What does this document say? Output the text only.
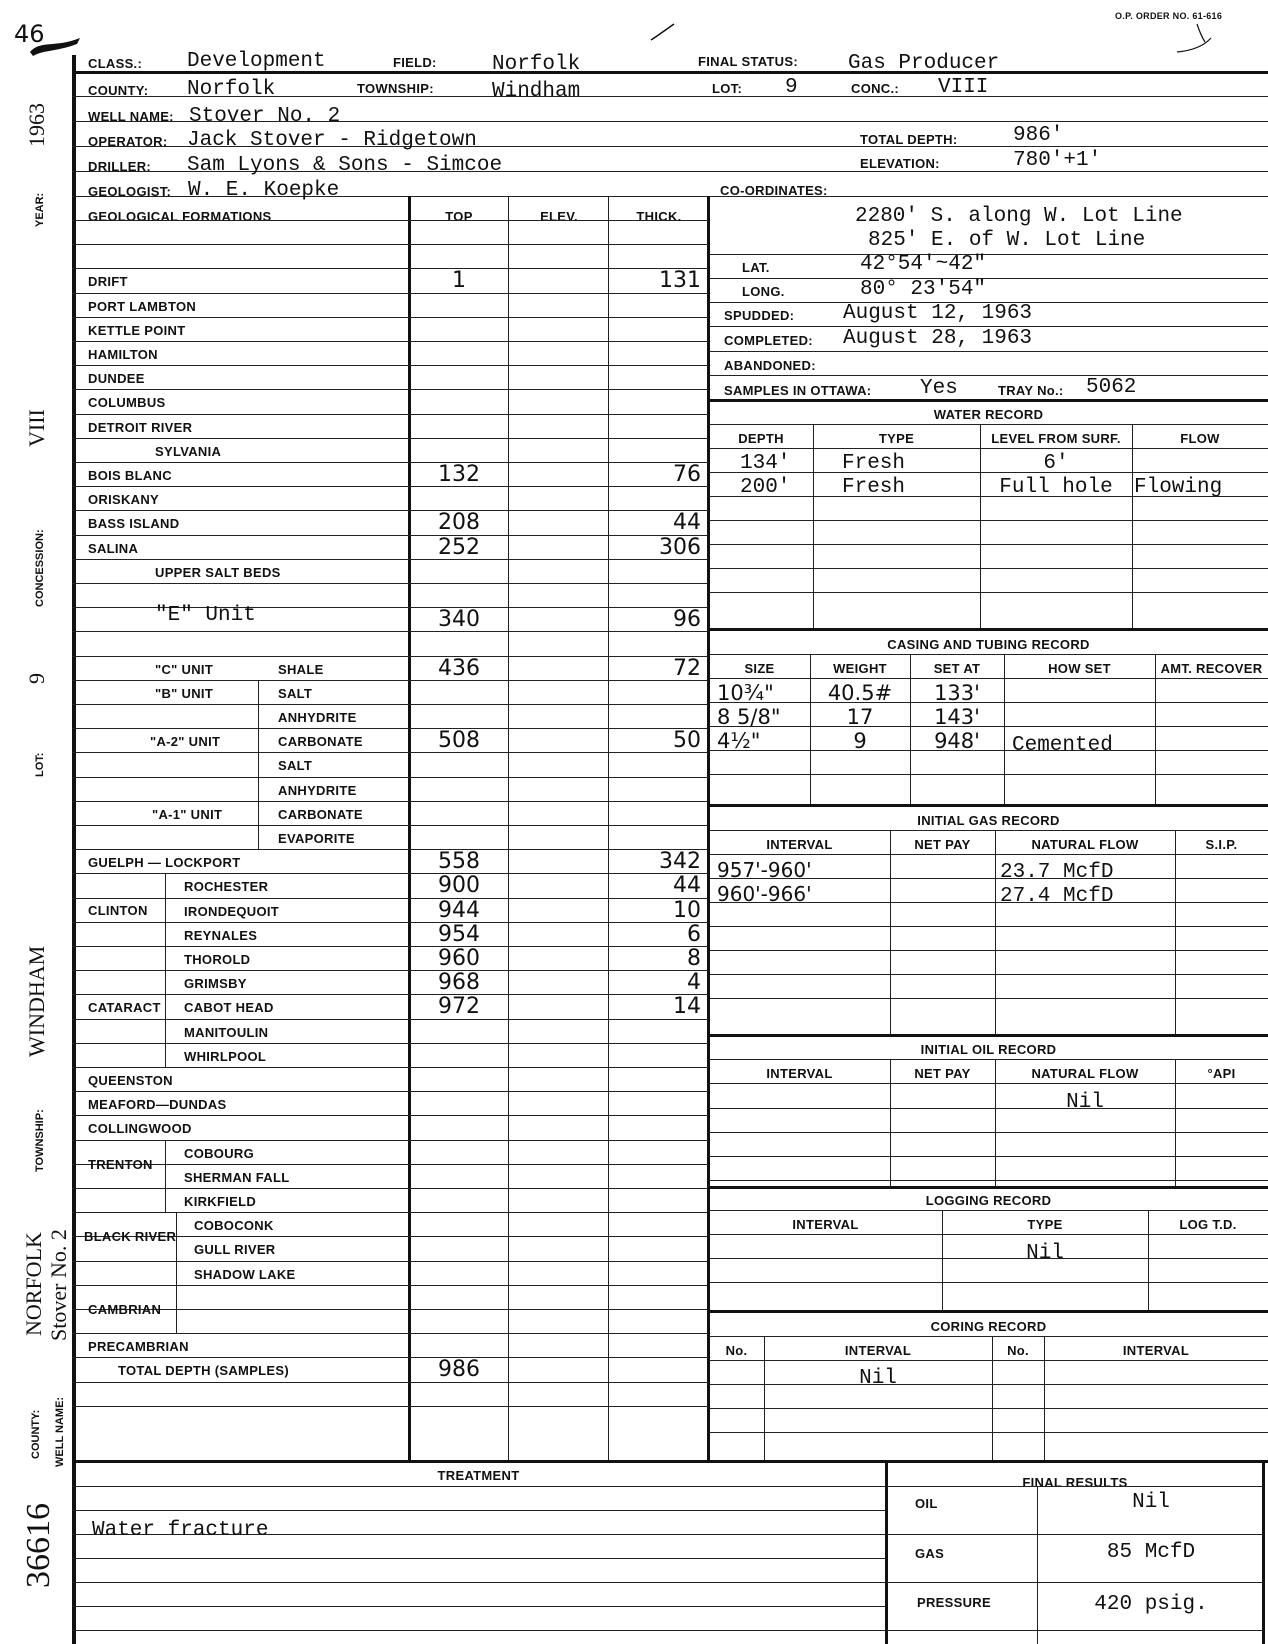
O.P. ORDER NO. 61-616
46
1963
YEAR:
VIII
CONCESSION:
9
LOT:
WINDHAM
TOWNSHIP:
NORFOLK Stover No. 2
COUNTY: WELL NAME:
36616
CLASS.: Development	FIELD:	Norfolk	FINAL STATUS: Gas Producer
COUNTY: Norfolk	TOWNSHIP:	Windham	LOT: 9	CONC.: VIII
WELL NAME: Stover No. 2
OPERATOR: Jack Stover - Ridgetown	TOTAL DEPTH:	986'
DRILLER: Sam Lyons & Sons - Simcoe	ELEVATION:	780'+1'
GEOLOGIST: W. E. Koepke	CO-ORDINATES:
GEOLOGICAL FORMATIONS	TOP	ELEV.	THICK.
DRIFT	1	131
PORT LAMBTON
KETTLE POINT
HAMILTON
DUNDEE
COLUMBUS
DETROIT RIVER
SYLVANIA
BOIS BLANC	132	76
ORISKANY
BASS ISLAND	208	44
SALINA	252	306
UPPER SALT BEDS
"E" Unit	340	96
"C" UNIT	SHALE	436	72
"B" UNIT	SALT
ANHYDRITE
"A-2" UNIT	CARBONATE	508	50
SALT
ANHYDRITE
"A-1" UNIT	CARBONATE
EVAPORITE
GUELPH — LOCKPORT	558	342
ROCHESTER	900	44
IRONDEQUOIT	944	10
REYNALES	954	6
THOROLD	960	8
GRIMSBY	968	4
CABOT HEAD	972	14
MANITOULIN
WHIRLPOOL
QUEENSTON
MEAFORD—DUNDAS
COLLINGWOOD
COBOURG
SHERMAN FALL
KIRKFIELD
COBOCONK
GULL RIVER
SHADOW LAKE
PRECAMBRIAN
TOTAL DEPTH (SAMPLES)	986
CLINTON
CATARACT
TRENTON
BLACK RIVER
CAMBRIAN
2280' S. along W. Lot Line
825' E. of W. Lot Line
LAT.	42°54'~42"
LONG.	80° 23'54"
SPUDDED: August 12, 1963
COMPLETED: August 28, 1963
ABANDONED:
SAMPLES IN OTTAWA: Yes	TRAY No.: 5062
WATER RECORD
DEPTH	TYPE	LEVEL FROM SURF.	FLOW
134' Fresh	6'
200' Fresh	Full hole	Flowing
CASING AND TUBING RECORD
SIZE	WEIGHT	SET AT	HOW SET	AMT. RECOVER
10¾"	40.5#	133'
8 5/8"	17	143'
4½"	9	948'	Cemented
INITIAL GAS RECORD
INTERVAL	NET PAY	NATURAL FLOW	S.I.P.
957'-960'	23.7 McfD
960'-966'	27.4 McfD
INITIAL OIL RECORD
INTERVAL	NET PAY	NATURAL FLOW	°API
Nil
LOGGING RECORD
INTERVAL	TYPE	LOG T.D.
Nil
CORING RECORD
No.	INTERVAL	No.	INTERVAL
Nil
TREATMENT	FINAL RESULTS
Water fracture
OIL	Nil
GAS	85 McfD
PRESSURE	420 psig.
